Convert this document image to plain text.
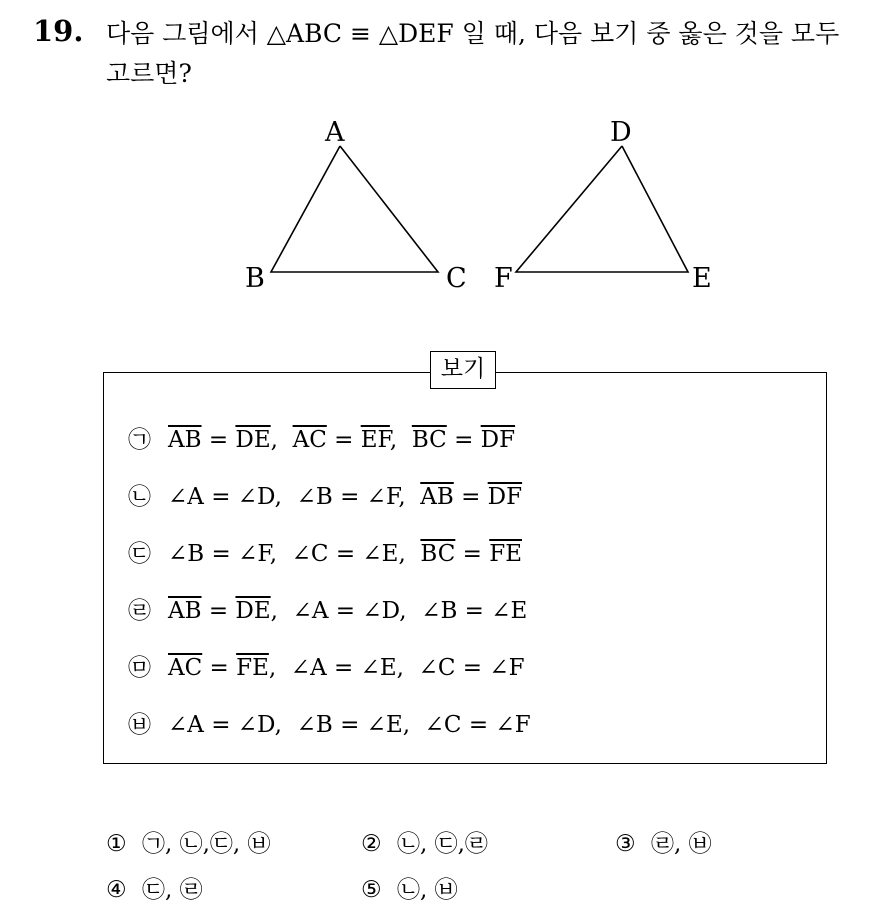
19. 다음 그림에서 △ABC ≡ △DEF 일 때, 다음 보기 중 옳은 것을 모두
고르면?
A
B	C
D
F	E
보기
㉠ $\overline{AB} = \overline{DE}$,  $\overline{AC} = \overline{EF}$,  $\overline{BC} = \overline{DF}$
㉡ ∠A = ∠D,  ∠B = ∠F,  $\overline{AB} = \overline{DF}$
㉢ ∠B = ∠F,  ∠C = ∠E,  $\overline{BC} = \overline{FE}$
㉣ $\overline{AB} = \overline{DE}$,  ∠A = ∠D,  ∠B = ∠E
㉤ $\overline{AC} = \overline{FE}$,  ∠A = ∠E,  ∠C = ∠F
㉥ ∠A = ∠D,  ∠B = ∠E,  ∠C = ∠F
① ㉠, ㉡,㉢, ㉥	② ㉡, ㉢,㉣	③ ㉣, ㉥
④ ㉢, ㉣	⑤ ㉡, ㉥
